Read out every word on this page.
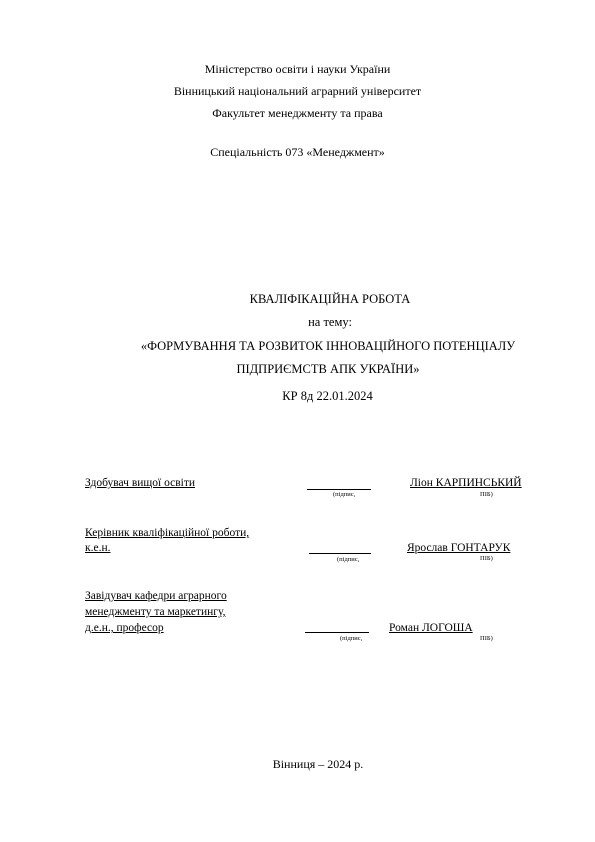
Міністерство освіти і науки України
Вінницький національний аграрний університет
Факультет менеджменту та права
Спеціальність 073 «Менеджмент»
КВАЛІФІКАЦІЙНА РОБОТА
на тему:
«ФОРМУВАННЯ ТА РОЗВИТОК ІННОВАЦІЙНОГО ПОТЕНЦІАЛУ
ПІДПРИЄМСТВ АПК УКРАЇНИ»
КР 8д 22.01.2024
Здобувач вищої освіти
(підпис,
Ліон КАРПИНСЬКИЙ
ПІБ)
Керівник кваліфікаційної роботи,
к.е.н.
(підпис,
Ярослав ГОНТАРУК
ПІБ)
Завідувач кафедри аграрного
менеджменту та маркетингу,
д.е.н., професор
(підпис,
Роман ЛОГОША
ПІБ)
Вінниця – 2024 р.
